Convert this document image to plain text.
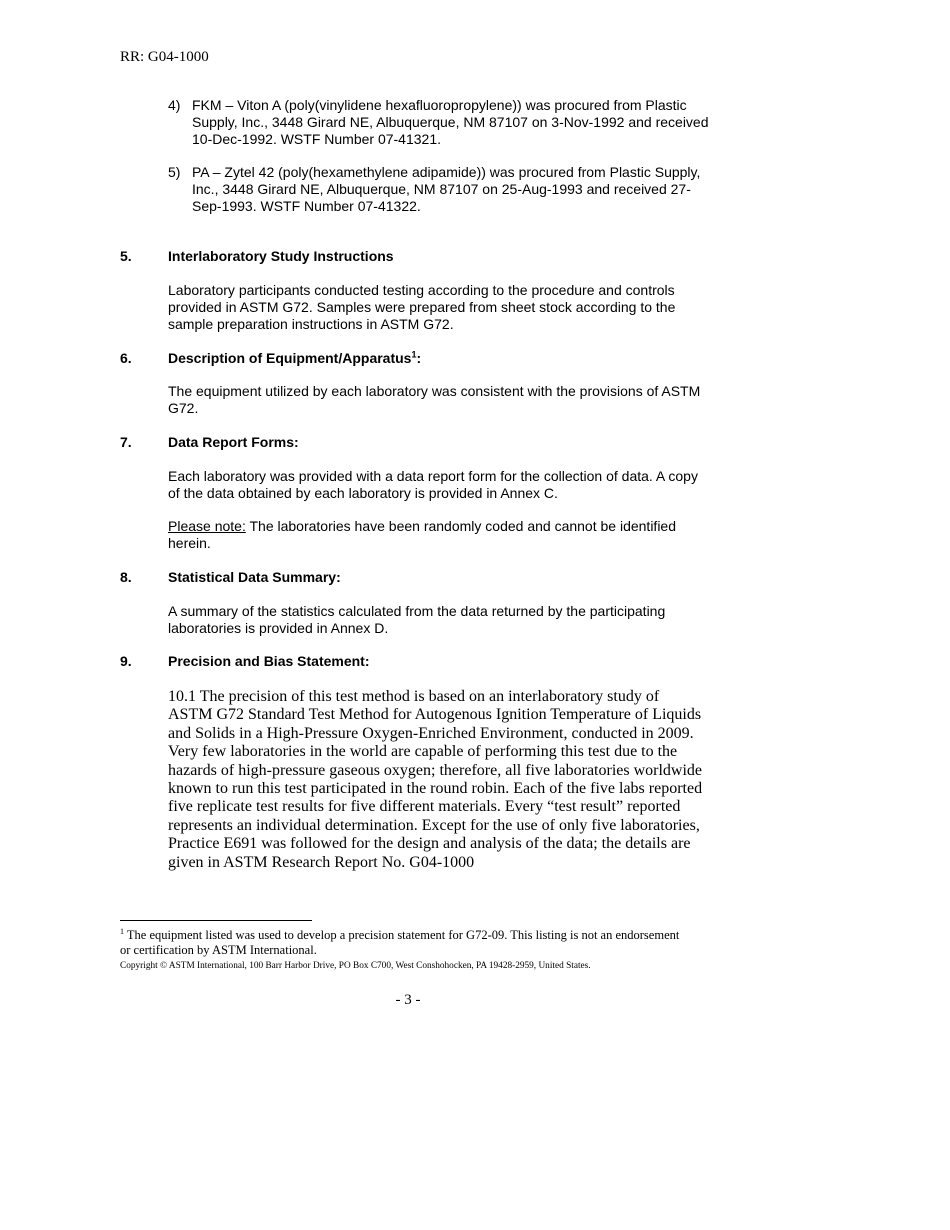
RR: G04-1000
4) FKM – Viton A (poly(vinylidene hexafluoropropylene)) was procured from Plastic Supply, Inc., 3448 Girard NE, Albuquerque, NM 87107 on 3-Nov-1992 and received 10-Dec-1992. WSTF Number 07-41321.
5) PA – Zytel 42 (poly(hexamethylene adipamide)) was procured from Plastic Supply, Inc., 3448 Girard NE, Albuquerque, NM 87107 on 25-Aug-1993 and received 27-Sep-1993. WSTF Number 07-41322.
5.	Interlaboratory Study Instructions
Laboratory participants conducted testing according to the procedure and controls provided in ASTM G72. Samples were prepared from sheet stock according to the sample preparation instructions in ASTM G72.
6.	Description of Equipment/Apparatus$^1$:
The equipment utilized by each laboratory was consistent with the provisions of ASTM G72.
7.	Data Report Forms:
Each laboratory was provided with a data report form for the collection of data. A copy of the data obtained by each laboratory is provided in Annex C.
Please note: The laboratories have been randomly coded and cannot be identified herein.
8.	Statistical Data Summary:
A summary of the statistics calculated from the data returned by the participating laboratories is provided in Annex D.
9.	Precision and Bias Statement:
10.1 The precision of this test method is based on an interlaboratory study of ASTM G72 Standard Test Method for Autogenous Ignition Temperature of Liquids and Solids in a High-Pressure Oxygen-Enriched Environment, conducted in 2009. Very few laboratories in the world are capable of performing this test due to the hazards of high-pressure gaseous oxygen; therefore, all five laboratories worldwide known to run this test participated in the round robin. Each of the five labs reported five replicate test results for five different materials. Every “test result” reported represents an individual determination. Except for the use of only five laboratories, Practice E691 was followed for the design and analysis of the data; the details are given in ASTM Research Report No. G04-1000
$^1$ The equipment listed was used to develop a precision statement for G72-09. This listing is not an endorsement or certification by ASTM International.
Copyright © ASTM International, 100 Barr Harbor Drive, PO Box C700, West Conshohocken, PA 19428-2959, United States.
- 3 -
